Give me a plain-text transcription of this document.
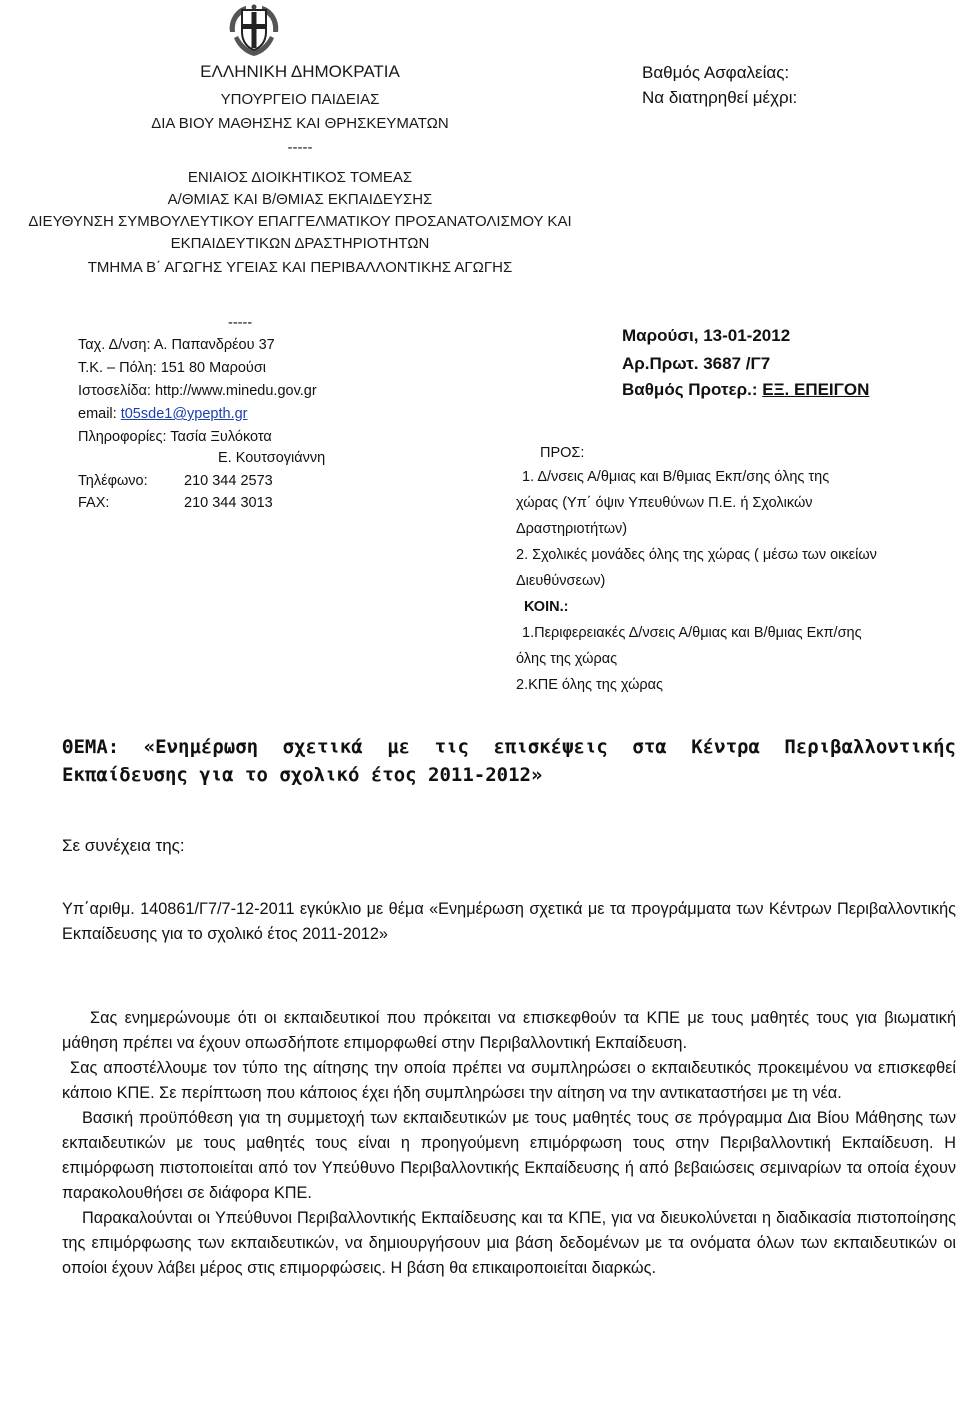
ΕΛΛΗΝΙΚΗ ΔΗΜΟΚΡΑΤΙΑ
ΥΠΟΥΡΓΕΙΟ ΠΑΙΔΕΙΑΣ
ΔΙΑ ΒΙΟΥ ΜΑΘΗΣΗΣ ΚΑΙ ΘΡΗΣΚΕΥΜΑΤΩΝ
-----
ΕΝΙΑΙΟΣ ΔΙΟΙΚΗΤΙΚΟΣ ΤΟΜΕΑΣ
Α/ΘΜΙΑΣ ΚΑΙ Β/ΘΜΙΑΣ ΕΚΠΑΙΔΕΥΣΗΣ
ΔΙΕΥΘΥΝΣΗ ΣΥΜΒΟΥΛΕΥΤΙΚΟΥ ΕΠΑΓΓΕΛΜΑΤΙΚΟΥ ΠΡΟΣΑΝΑΤΟΛΙΣΜΟΥ ΚΑΙ
ΕΚΠΑΙΔΕΥΤΙΚΩΝ ΔΡΑΣΤΗΡΙΟΤΗΤΩΝ
ΤΜΗΜΑ Β΄ ΑΓΩΓΗΣ ΥΓΕΙΑΣ ΚΑΙ ΠΕΡΙΒΑΛΛΟΝΤΙΚΗΣ ΑΓΩΓΗΣ
Βαθμός Ασφαλείας:
Να διατηρηθεί μέχρι:
-----
Ταχ. Δ/νση: Α. Παπανδρέου 37
Τ.Κ. – Πόλη: 151 80 Μαρούσι
Ιστοσελίδα: http://www.minedu.gov.gr
email: t05sde1@ypepth.gr
Πληροφορίες: Τασία Ξυλόκοτα
Ε. Κουτσογιάννη
Τηλέφωνο:	210 344 2573
FAX:	210 344 3013
Μαρούσι, 13-01-2012
Αρ.Πρωτ. 3687 /Γ7
Βαθμός Προτερ.: ΕΞ. ΕΠΕΙΓΟΝ
ΠΡΟΣ:
1. Δ/νσεις Α/θμιας και Β/θμιας Εκπ/σης όλης της
χώρας (Υπ΄ όψιν Υπευθύνων Π.Ε. ή Σχολικών
Δραστηριοτήτων)
2. Σχολικές μονάδες όλης της χώρας ( μέσω των οικείων
Διευθύνσεων)
ΚΟΙΝ.:
1.Περιφερειακές Δ/νσεις Α/θμιας και Β/θμιας Εκπ/σης
όλης της χώρας
2.ΚΠΕ όλης της χώρας
ΘΕΜΑ: «Ενημέρωση σχετικά με τις επισκέψεις στα Κέντρα Περιβαλλοντικής Εκπαίδευσης για το σχολικό έτος 2011-2012»
Σε συνέχεια της:
Υπ΄αριθμ. 140861/Γ7/7-12-2011 εγκύκλιο με θέμα «Ενημέρωση σχετικά με τα προγράμματα των Κέντρων Περιβαλλοντικής Εκπαίδευσης για το σχολικό έτος 2011-2012»

Σας ενημερώνουμε ότι οι εκπαιδευτικοί που πρόκειται να επισκεφθούν τα ΚΠΕ με τους μαθητές τους για βιωματική μάθηση πρέπει να έχουν οπωσδήποτε επιμορφωθεί στην Περιβαλλοντική Εκπαίδευση.

Σας αποστέλλουμε τον τύπο της αίτησης την οποία πρέπει να συμπληρώσει ο εκπαιδευτικός προκειμένου να επισκεφθεί κάποιο ΚΠΕ. Σε περίπτωση που κάποιος έχει ήδη συμπληρώσει την αίτηση να την αντικαταστήσει με τη νέα.

Βασική προϋπόθεση για τη συμμετοχή των εκπαιδευτικών με τους μαθητές τους σε πρόγραμμα Δια Βίου Μάθησης των εκπαιδευτικών με τους μαθητές τους είναι η προηγούμενη επιμόρφωση τους στην Περιβαλλοντική Εκπαίδευση. Η επιμόρφωση πιστοποιείται από τον Υπεύθυνο Περιβαλλοντικής Εκπαίδευσης ή από βεβαιώσεις σεμιναρίων τα οποία έχουν παρακολουθήσει σε διάφορα ΚΠΕ.

Παρακαλούνται οι Υπεύθυνοι Περιβαλλοντικής Εκπαίδευσης και τα ΚΠΕ, για να διευκολύνεται η διαδικασία πιστοποίησης της επιμόρφωσης των εκπαιδευτικών, να δημιουργήσουν μια βάση δεδομένων με τα ονόματα όλων των εκπαιδευτικών οι οποίοι έχουν λάβει μέρος στις επιμορφώσεις. Η βάση θα επικαιροποιείται διαρκώς.
